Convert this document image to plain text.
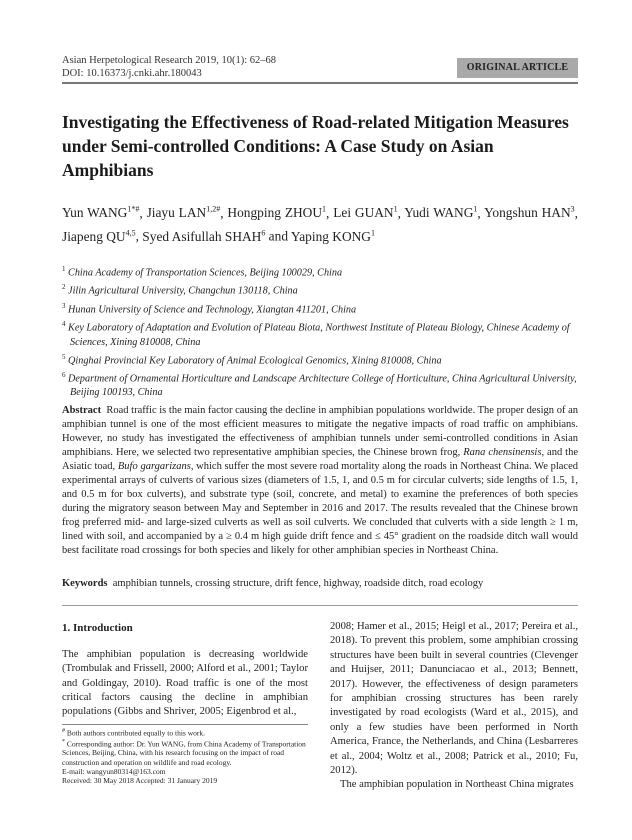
Asian Herpetological Research 2019, 10(1): 62–68
DOI: 10.16373/j.cnki.ahr.180043
ORIGINAL ARTICLE
Investigating the Effectiveness of Road-related Mitigation Measures under Semi-controlled Conditions: A Case Study on Asian Amphibians
Yun $WANG^{1*\#}$, Jiayu $LAN^{1,2\#}$, Hongping ZHOU$^1$, Lei GUAN$^1$, Yudi WANG$^1$, Yongshun HAN$^3$, Jiapeng QU$^{4,5}$, Syed Asifullah SHAH$^6$ and Yaping KONG$^1$
$^1$ China Academy of Transportation Sciences, Beijing 100029, China
$^2$ Jilin Agricultural University, Changchun 130118, China
$^3$ Hunan University of Science and Technology, Xiangtan 411201, China
$^4$ Key Laboratory of Adaptation and Evolution of Plateau Biota, Northwest Institute of Plateau Biology, Chinese Academy of Sciences, Xining 810008, China
$^5$ Qinghai Provincial Key Laboratory of Animal Ecological Genomics, Xining 810008, China
$^6$ Department of Ornamental Horticulture and Landscape Architecture College of Horticulture, China Agricultural University, Beijing 100193, China
Abstract Road traffic is the main factor causing the decline in amphibian populations worldwide. The proper design of an amphibian tunnel is one of the most efficient measures to mitigate the negative impacts of road traffic on amphibians. However, no study has investigated the effectiveness of amphibian tunnels under semi-controlled conditions in Asian amphibians. Here, we selected two representative amphibian species, the Chinese brown frog, Rana chensinensis, and the Asiatic toad, Bufo gargarizans, which suffer the most severe road mortality along the roads in Northeast China. We placed experimental arrays of culverts of various sizes (diameters of 1.5, 1, and 0.5 m for circular culverts; side lengths of 1.5, 1, and 0.5 m for box culverts), and substrate type (soil, concrete, and metal) to examine the preferences of both species during the migratory season between May and September in 2016 and 2017. The results revealed that the Chinese brown frog preferred mid- and large-sized culverts as well as soil culverts. We concluded that culverts with a side length ≥ 1 m, lined with soil, and accompanied by a ≥ 0.4 m high guide drift fence and ≤ 45° gradient on the roadside ditch wall would best facilitate road crossings for both species and likely for other amphibian species in Northeast China.
Keywords amphibian tunnels, crossing structure, drift fence, highway, roadside ditch, road ecology
1. Introduction
The amphibian population is decreasing worldwide (Trombulak and Frissell, 2000; Alford et al., 2001; Taylor and Goldingay, 2010). Road traffic is one of the most critical factors causing the decline in amphibian populations (Gibbs and Shriver, 2005; Eigenbrod et al.,
# Both authors contributed equally to this work.
* Corresponding author: Dr. Yun WANG, from China Academy of Transportation Sciences, Beijing, China, with his research focusing on the impact of road construction and operation on wildlife and road ecology.
E-mail: wangyun80314@163.com
Received: 30 May 2018 Accepted: 31 January 2019
2008; Hamer et al., 2015; Heigl et al., 2017; Pereira et al., 2018). To prevent this problem, some amphibian crossing structures have been built in several countries (Clevenger and Huijser, 2011; Danunciacao et al., 2013; Bennett, 2017). However, the effectiveness of design parameters for amphibian crossing structures has been rarely investigated by road ecologists (Ward et al., 2015), and only a few studies have been performed in North America, France, the Netherlands, and China (Lesbarreres et al., 2004; Woltz et al., 2008; Patrick et al., 2010; Fu, 2012).
The amphibian population in Northeast China migrates
